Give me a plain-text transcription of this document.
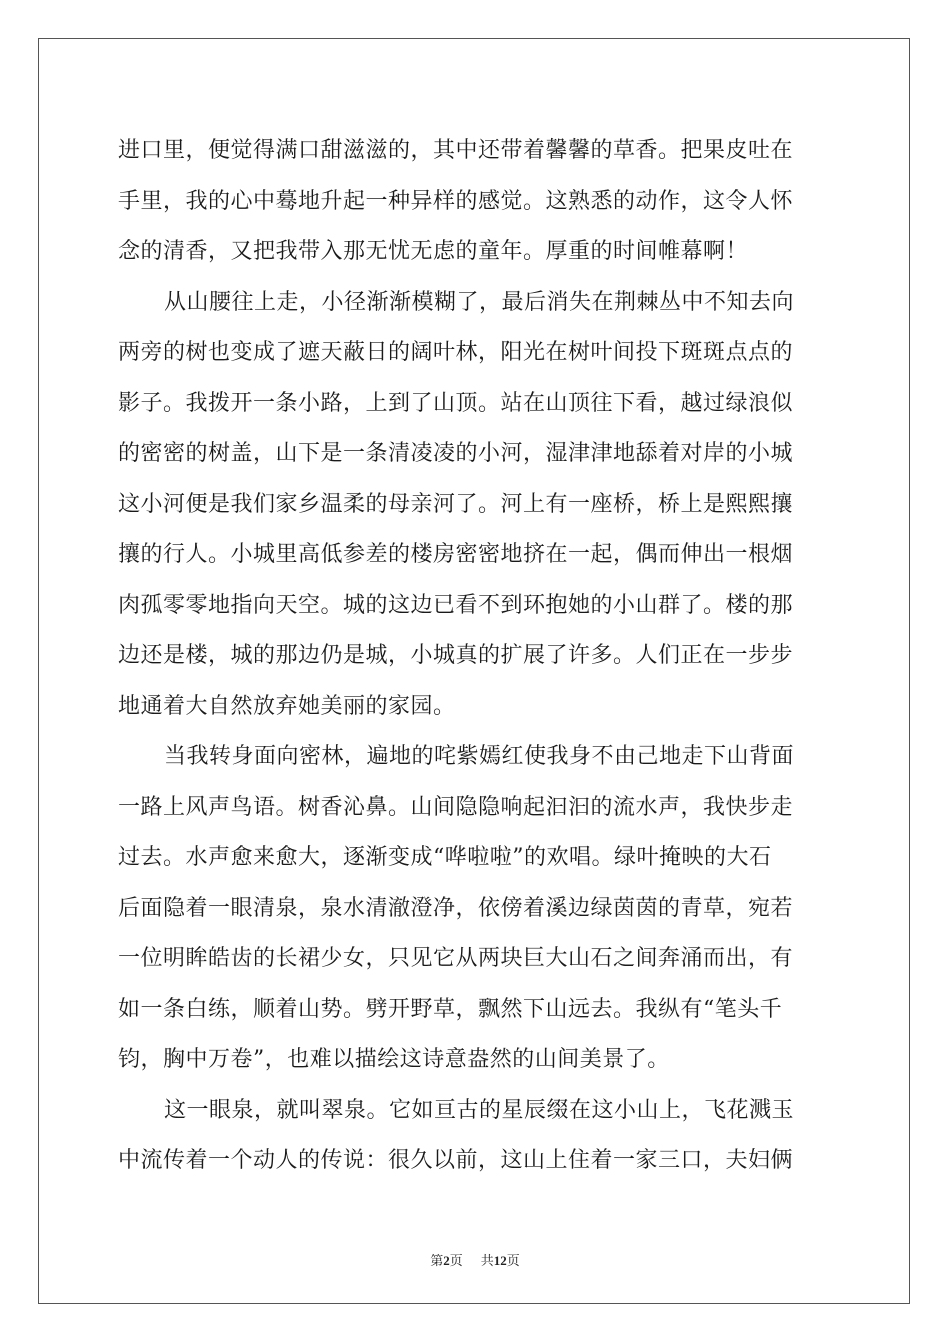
进口里，便觉得满口甜滋滋的，其中还带着馨馨的草香。把果皮吐在
手里，我的心中蓦地升起一种异样的感觉。这熟悉的动作，这令人怀
念的清香，又把我带入那无忧无虑的童年。厚重的时间帷幕啊！
从山腰往上走，小径渐渐模糊了，最后消失在荆棘丛中不知去向
两旁的树也变成了遮天蔽日的阔叶林，阳光在树叶间投下斑斑点点的
影子。我拨开一条小路，上到了山顶。站在山顶往下看，越过绿浪似
的密密的树盖，山下是一条清凌凌的小河，湿津津地舔着对岸的小城
这小河便是我们家乡温柔的母亲河了。河上有一座桥，桥上是熙熙攘
攘的行人。小城里高低参差的楼房密密地挤在一起，偶而伸出一根烟
肉孤零零地指向天空。城的这边已看不到环抱她的小山群了。楼的那
边还是楼，城的那边仍是城，小城真的扩展了许多。人们正在一步步
地通着大自然放弃她美丽的家园。
当我转身面向密林，遍地的咤紫嫣红使我身不由己地走下山背面
一路上风声鸟语。树香沁鼻。山间隐隐响起汩汩的流水声，我快步走
过去。水声愈来愈大，逐渐变成“哗啦啦”的欢唱。绿叶掩映的大石
后面隐着一眼清泉，泉水清澈澄净，依傍着溪边绿茵茵的青草，宛若
一位明眸皓齿的长裙少女，只见它从两块巨大山石之间奔涌而出，有
如一条白练，顺着山势。劈开野草，飘然下山远去。我纵有“笔头千
钧，胸中万卷”，也难以描绘这诗意盎然的山间美景了。
这一眼泉，就叫翠泉。它如亘古的星辰缀在这小山上，飞花溅玉
中流传着一个动人的传说：很久以前，这山上住着一家三口，夫妇俩
第2页 共12页
